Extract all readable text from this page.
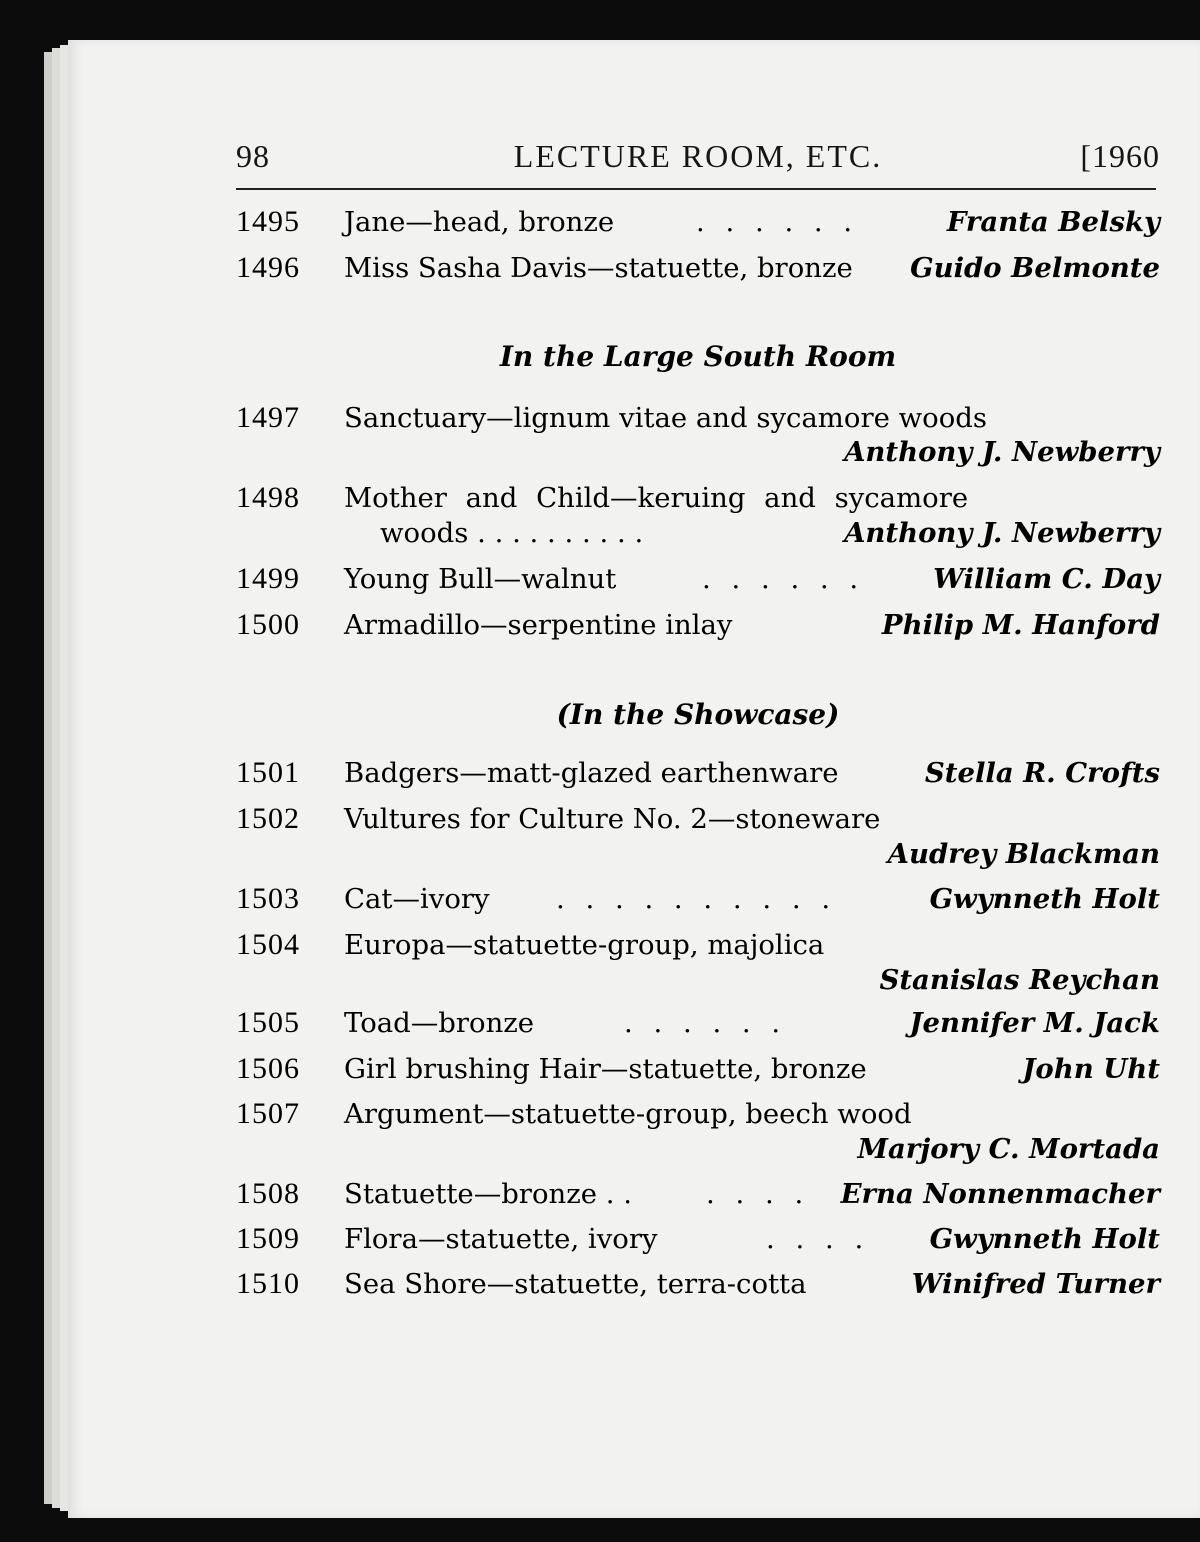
98	LECTURE ROOM, ETC.	[1960
1495 Jane—head, bronze	. . . . . .	Franta Belsky
1496 Miss Sasha Davis—statuette, bronze Guido Belmonte
In the Large South Room
1497 Sanctuary—lignum vitae and sycamore woods
Anthony J. Newberry
1498 Mother and Child—keruing and sycamore
woods . . . . . . . . . .	Anthony J. Newberry
1499 Young Bull—walnut	. . . . . .	William C. Day
1500 Armadillo—serpentine inlay	Philip M. Hanford
(In the Showcase)
1501 Badgers—matt-glazed earthenware	Stella R. Crofts
1502 Vultures for Culture No. 2—stoneware
Audrey Blackman
1503 Cat—ivory . . . . . . . . . .	Gwynneth Holt
1504 Europa—statuette-group, majolica
Stanislas Reychan
1505 Toad—bronze	. . . . . .	Jennifer M. Jack
1506 Girl brushing Hair—statuette, bronze	John Uht
1507 Argument—statuette-group, beech wood
Marjory C. Mortada
1508 Statuette—bronze . .	. . . . Erna Nonnenmacher
1509 Flora—statuette, ivory	. . . . Gwynneth Holt
1510 Sea Shore—statuette, terra-cotta	Winifred Turner
